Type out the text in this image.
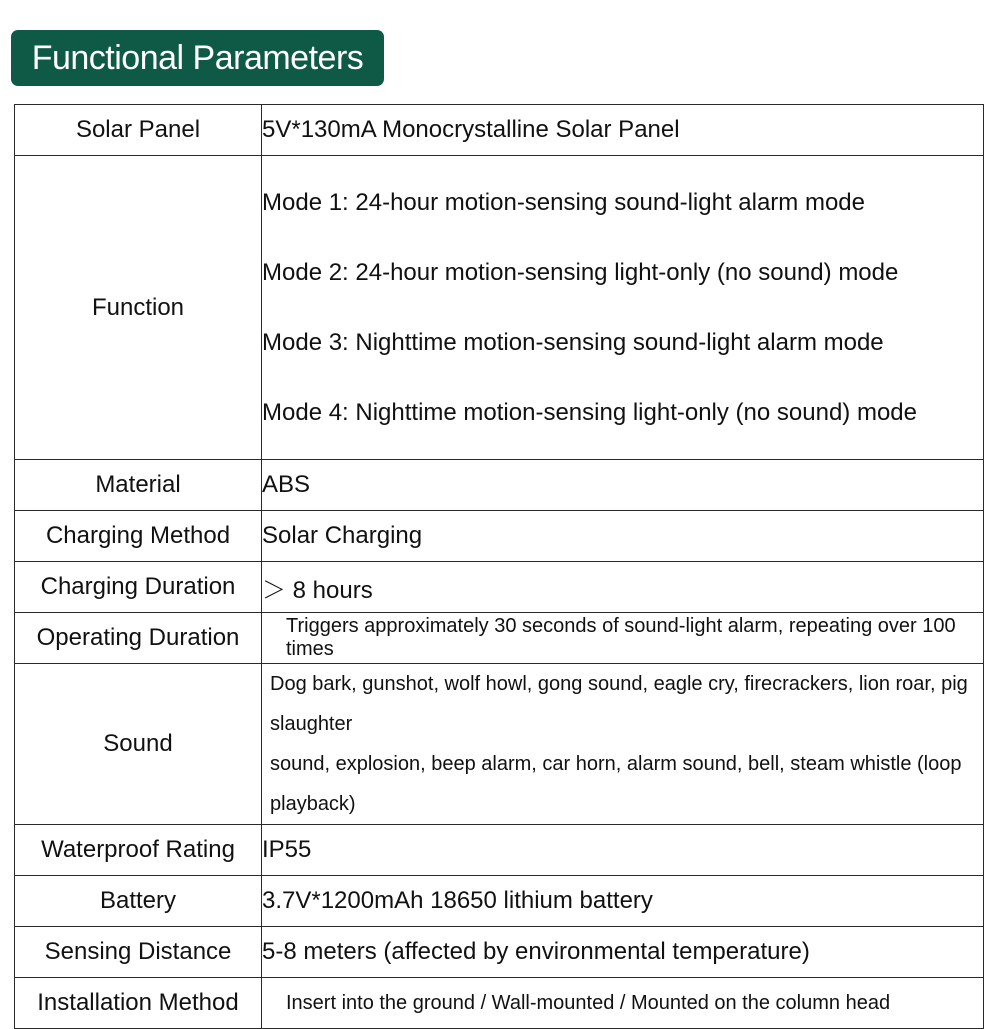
Functional Parameters
Solar Panel	5V*130mA Monocrystalline Solar Panel
Function	Mode 1: 24-hour motion-sensing sound-light alarm mode
Mode 2: 24-hour motion-sensing light-only (no sound) mode
Mode 3: Nighttime motion-sensing sound-light alarm mode
Mode 4: Nighttime motion-sensing light-only (no sound) mode

Material	ABS
Charging Method	Solar Charging
Charging Duration	＞ 8 hours
Operating Duration	Triggers approximately 30 seconds of sound-light alarm, repeating over 100 times
Sound	Dog bark, gunshot, wolf howl, gong sound, eagle cry, firecrackers, lion roar, pig slaughter
sound, explosion, beep alarm, car horn, alarm sound, bell, steam whistle (loop playback)

Waterproof Rating	IP55
Battery	3.7V*1200mAh 18650 lithium battery
Sensing Distance	5-8 meters (affected by environmental temperature)
Installation Method	Insert into the ground / Wall-mounted / Mounted on the column head
